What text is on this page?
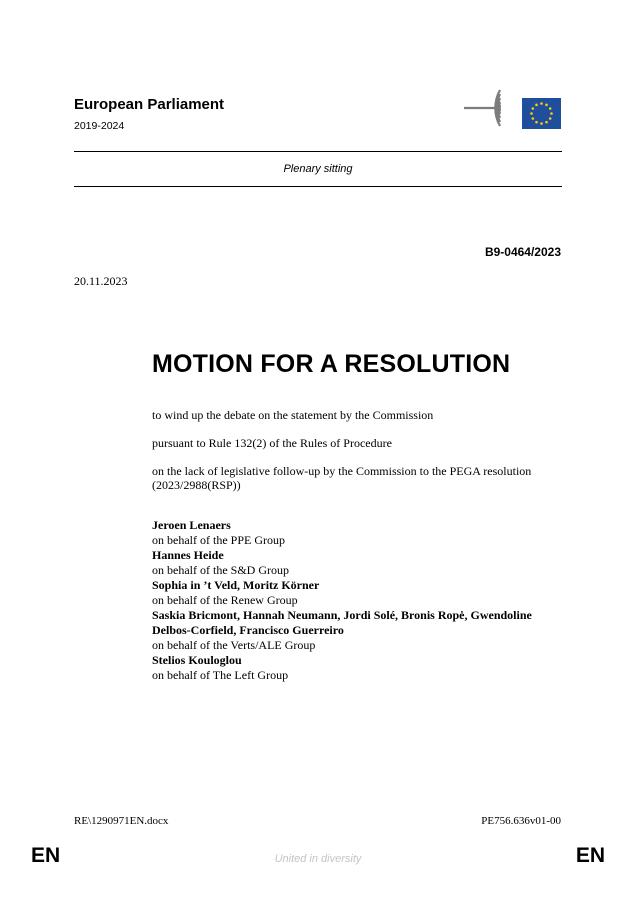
European Parliament
2019-2024
Plenary sitting
B9-0464/2023
20.11.2023
MOTION FOR A RESOLUTION

to wind up the debate on the statement by the Commission

pursuant to Rule 132(2) of the Rules of Procedure

on the lack of legislative follow-up by the Commission to the PEGA resolution (2023/2988(RSP))

Jeroen Lenaers
on behalf of the PPE Group
Hannes Heide
on behalf of the S&D Group
Sophia in ’t Veld, Moritz Körner
on behalf of the Renew Group
Saskia Bricmont, Hannah Neumann, Jordi Solé, Bronis Ropė, Gwendoline Delbos-Corfield, Francisco Guerreiro
on behalf of the Verts/ALE Group
Stelios Kouloglou
on behalf of The Left Group
RE\1290971EN.docx	PE756.636v01-00
EN	United in diversity	EN
